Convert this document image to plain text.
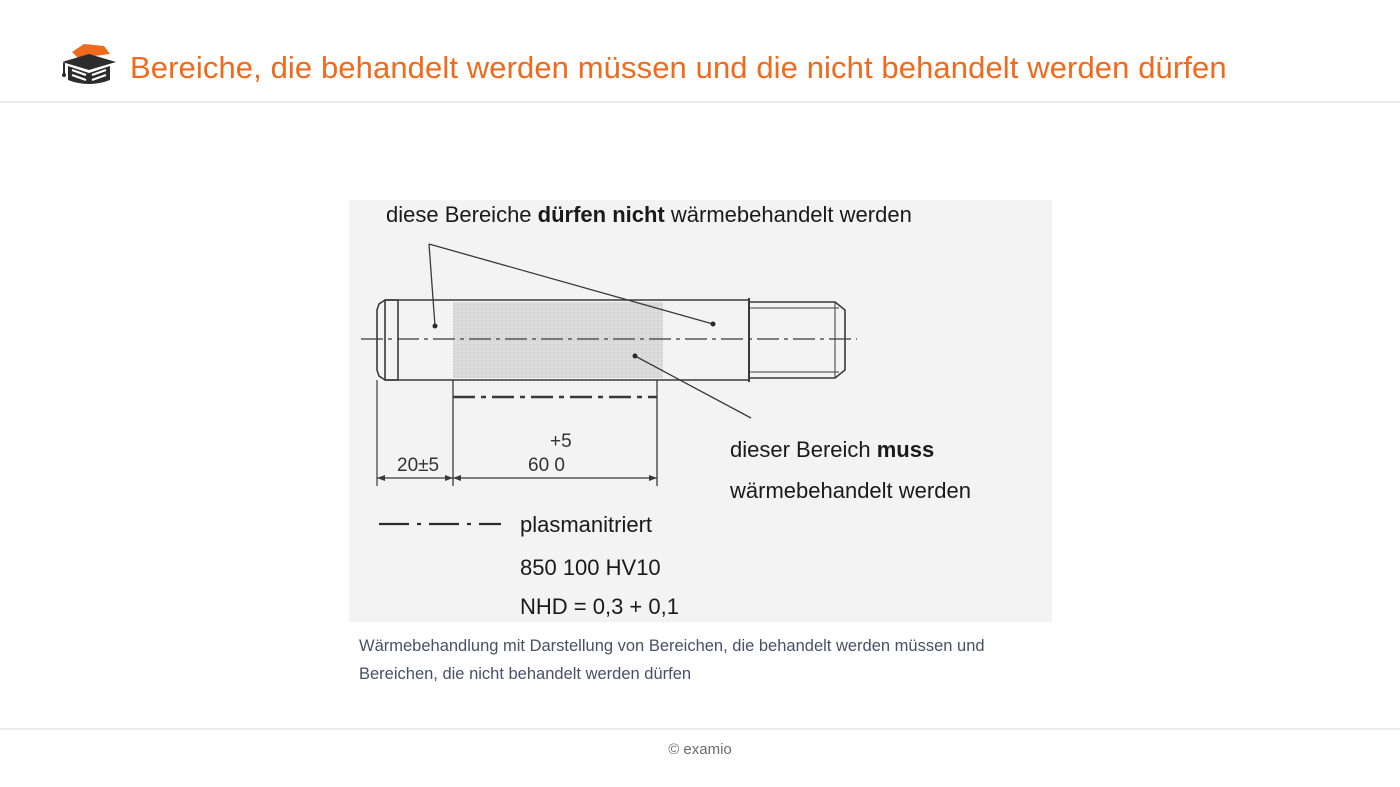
Bereiche, die behandelt werden müssen und die nicht behandelt werden dürfen
diese Bereiche dürfen nicht wärmebehandelt werden
20±5
+5
60 0
dieser Bereich muss
wärmebehandelt werden
plasmanitriert
850 100 HV10
NHD = 0,3 + 0,1
Wärmebehandlung mit Darstellung von Bereichen, die behandelt werden müssen und Bereichen, die nicht behandelt werden dürfen
© examio
